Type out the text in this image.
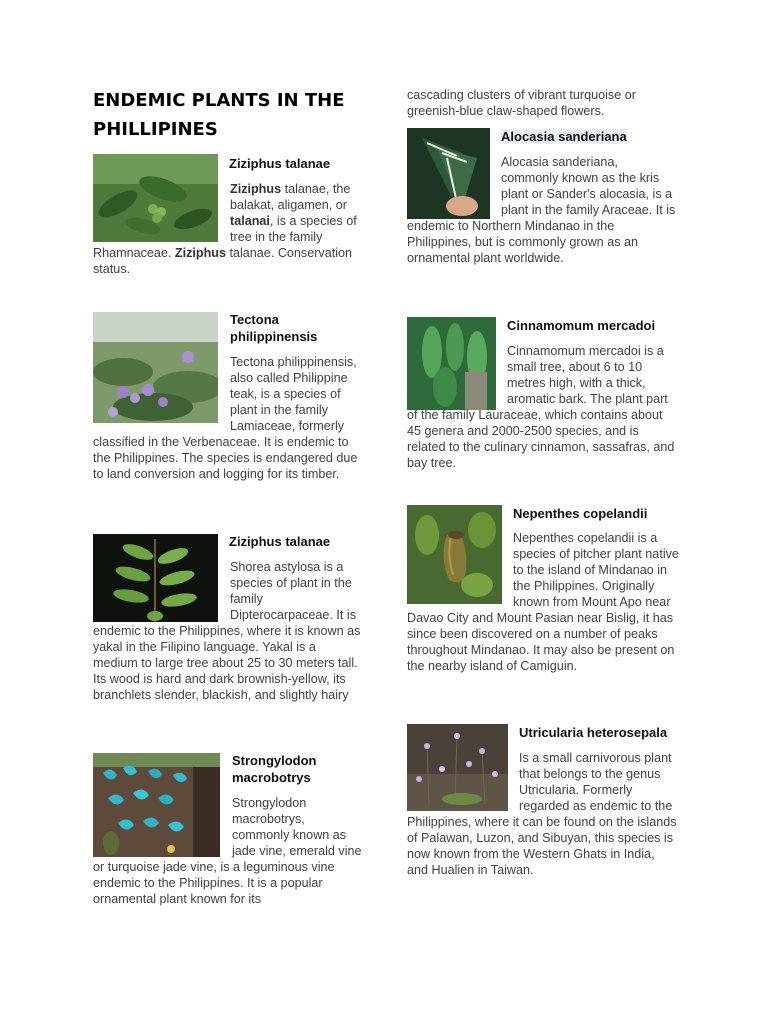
ENDEMIC PLANTS IN THE PHILLIPINES
Ziziphus talanae
Ziziphus talanae, the balakat, aligamen, or talanai, is a species of tree in the family Rhamnaceae. Ziziphus talanae. Conservation status.
Tectona philippinensis
Tectona philippinensis, also called Philippine teak, is a species of plant in the family Lamiaceae, formerly classified in the Verbenaceae. It is endemic to the Philippines. The species is endangered due to land conversion and logging for its timber.
Ziziphus talanae
Shorea astylosa is a species of plant in the family Dipterocarpaceae. It is endemic to the Philippines, where it is known as yakal in the Filipino language. Yakal is a medium to large tree about 25 to 30 meters tall. Its wood is hard and dark brownish-yellow, its branchlets slender, blackish, and slightly hairy
Strongylodon macrobotrys
Strongylodon macrobotrys, commonly known as jade vine, emerald vine or turquoise jade vine, is a leguminous vine endemic to the Philippines. It is a popular ornamental plant known for its
cascading clusters of vibrant turquoise or greenish-blue claw-shaped flowers.
Alocasia sanderiana
Alocasia sanderiana, commonly known as the kris plant or Sander's alocasia, is a plant in the family Araceae. It is endemic to Northern Mindanao in the Philippines, but is commonly grown as an ornamental plant worldwide.
Cinnamomum mercadoi
Cinnamomum mercadoi is a small tree, about 6 to 10 metres high, with a thick, aromatic bark. The plant part of the family Lauraceae, which contains about 45 genera and 2000-2500 species, and is related to the culinary cinnamon, sassafras, and bay tree.
Nepenthes copelandii
Nepenthes copelandii is a species of pitcher plant native to the island of Mindanao in the Philippines. Originally known from Mount Apo near Davao City and Mount Pasian near Bislig, it has since been discovered on a number of peaks throughout Mindanao. It may also be present on the nearby island of Camiguin.
Utricularia heterosepala
Is a small carnivorous plant that belongs to the genus Utricularia. Formerly regarded as endemic to the Philippines, where it can be found on the islands of Palawan, Luzon, and Sibuyan, this species is now known from the Western Ghats in India, and Hualien in Taiwan.
